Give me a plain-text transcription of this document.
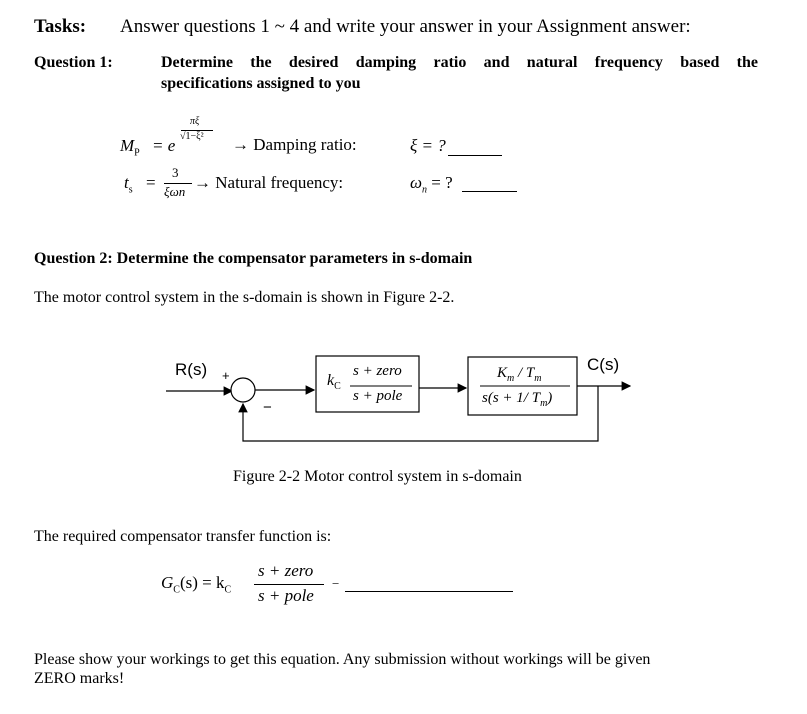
Tasks: Answer questions 1 ~ 4 and write your answer in your Assignment answer:
Question 1:	Determine the desired damping ratio and natural frequency based the
specifications assigned to you
$M_P = e$
πξ
√1−ξ² → Damping ratio:	ξ = ?
$t_s$ =
3
ξωn → Natural frequency:	$\omega_n$ = ?
Question 2: Determine the compensator parameters in s-domain
The motor control system in the s-domain is shown in Figure 2-2.
R(s) +
−
C(s)
$k_C$
s + zero
s + pole
$K_m / T_m$
s(s + 1/ $T_m$)
Figure 2-2 Motor control system in s-domain
The required compensator transfer function is:
$G_C(s) = k_C$
s + zero
s + pole
−
Please show your workings to get this equation. Any submission without workings will be given
ZERO marks!
